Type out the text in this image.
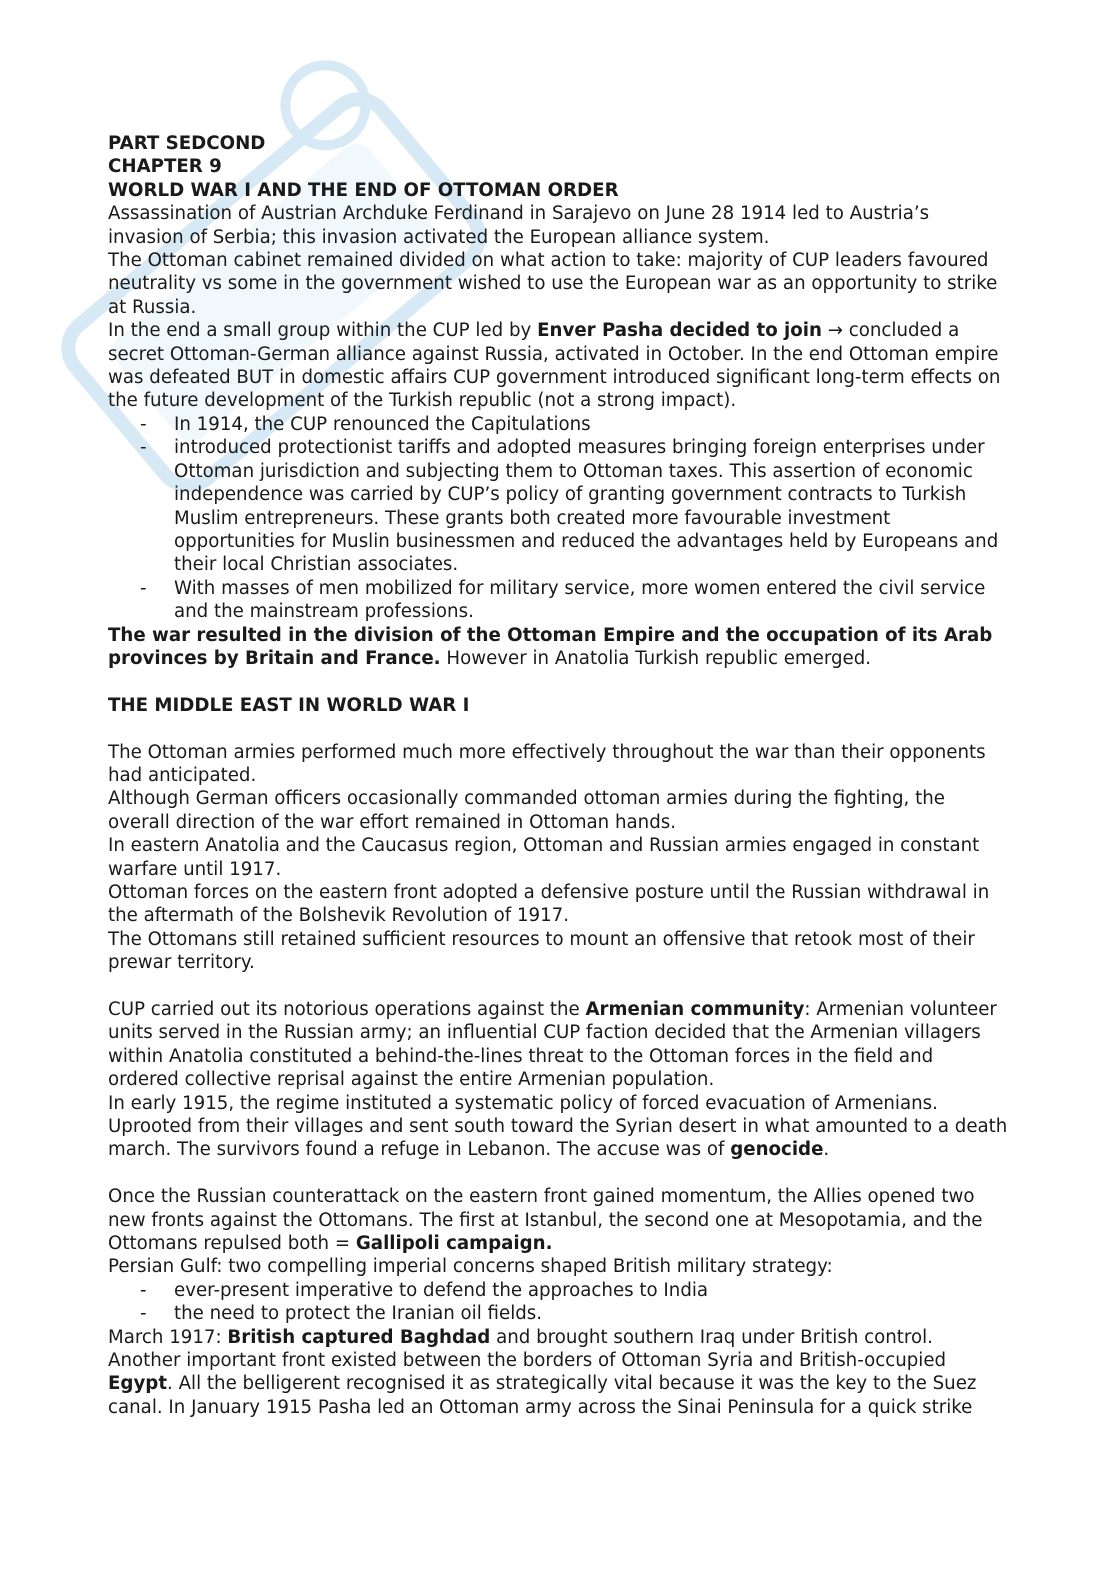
PART SEDCOND

CHAPTER 9

WORLD WAR I AND THE END OF OTTOMAN ORDER

Assassination of Austrian Archduke Ferdinand in Sarajevo on June 28 1914 led to Austria’s invasion of Serbia; this invasion activated the European alliance system.

The Ottoman cabinet remained divided on what action to take: majority of CUP leaders favoured neutrality vs some in the government wished to use the European war as an opportunity to strike at Russia.

In the end a small group within the CUP led by Enver Pasha decided to join → concluded a secret Ottoman-German alliance against Russia, activated in October. In the end Ottoman empire was defeated BUT in domestic affairs CUP government introduced significant long-term effects on the future development of the Turkish republic (not a strong impact).

- In 1914, the CUP renounced the Capitulations
- introduced protectionist tariffs and adopted measures bringing foreign enterprises under Ottoman jurisdiction and subjecting them to Ottoman taxes. This assertion of economic independence was carried by CUP’s policy of granting government contracts to Turkish Muslim entrepreneurs. These grants both created more favourable investment opportunities for Muslin businessmen and reduced the advantages held by Europeans and their local Christian associates.
- With masses of men mobilized for military service, more women entered the civil service and the mainstream professions.

The war resulted in the division of the Ottoman Empire and the occupation of its Arab provinces by Britain and France. However in Anatolia Turkish republic emerged.

THE MIDDLE EAST IN WORLD WAR I

The Ottoman armies performed much more effectively throughout the war than their opponents had anticipated.

Although German officers occasionally commanded ottoman armies during the fighting, the overall direction of the war effort remained in Ottoman hands.

In eastern Anatolia and the Caucasus region, Ottoman and Russian armies engaged in constant warfare until 1917.

Ottoman forces on the eastern front adopted a defensive posture until the Russian withdrawal in the aftermath of the Bolshevik Revolution of 1917.

The Ottomans still retained sufficient resources to mount an offensive that retook most of their prewar territory.

CUP carried out its notorious operations against the Armenian community: Armenian volunteer units served in the Russian army; an influential CUP faction decided that the Armenian villagers within Anatolia constituted a behind-the-lines threat to the Ottoman forces in the field and ordered collective reprisal against the entire Armenian population.

In early 1915, the regime instituted a systematic policy of forced evacuation of Armenians. Uprooted from their villages and sent south toward the Syrian desert in what amounted to a death march. The survivors found a refuge in Lebanon. The accuse was of genocide.

Once the Russian counterattack on the eastern front gained momentum, the Allies opened two new fronts against the Ottomans. The first at Istanbul, the second one at Mesopotamia, and the Ottomans repulsed both = Gallipoli campaign.

Persian Gulf: two compelling imperial concerns shaped British military strategy:

- ever-present imperative to defend the approaches to India
- the need to protect the Iranian oil fields.

March 1917: British captured Baghdad and brought southern Iraq under British control.

Another important front existed between the borders of Ottoman Syria and British-occupied Egypt. All the belligerent recognised it as strategically vital because it was the key to the Suez canal. In January 1915 Pasha led an Ottoman army across the Sinai Peninsula for a quick strike
